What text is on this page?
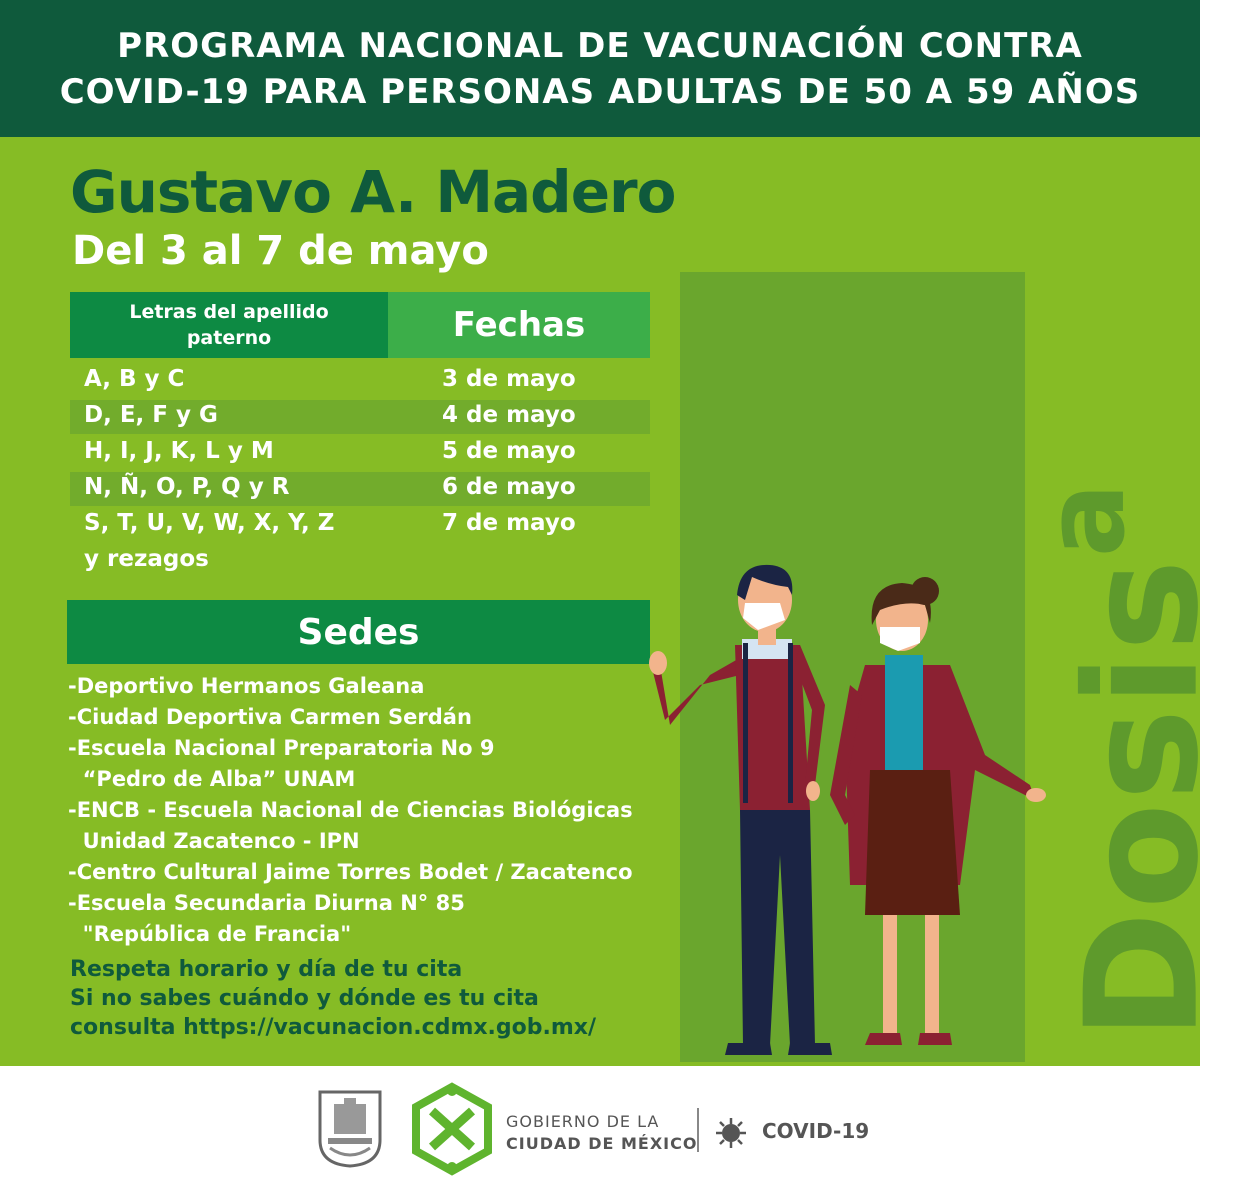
PROGRAMA NACIONAL DE VACUNACIÓN CONTRA
COVID-19 PARA PERSONAS ADULTAS DE 50 A 59 AÑOS
Dosis$^a$
Gustavo A. Madero
Del 3 al 7 de mayo
Letras del apellido
paterno	Fechas
A, B y C	3 de mayo
D, E, F y G	4 de mayo
H, I, J, K, L y M	5 de mayo
N, Ñ, O, P, Q y R	6 de mayo
S, T, U, V, W, X, Y, Z	7 de mayo
y rezagos
Sedes
-Deportivo Hermanos Galeana
-Ciudad Deportiva Carmen Serdán
-Escuela Nacional Preparatoria No 9
“Pedro de Alba” UNAM
-ENCB - Escuela Nacional de Ciencias Biológicas
Unidad Zacatenco - IPN
-Centro Cultural Jaime Torres Bodet / Zacatenco
-Escuela Secundaria Diurna N° 85
"República de Francia"
Respeta horario y día de tu cita
Si no sabes cuándo y dónde es tu cita
consulta https://vacunacion.cdmx.gob.mx/
GOBIERNO DE LA
CIUDAD DE MÉXICO
COVID-19
